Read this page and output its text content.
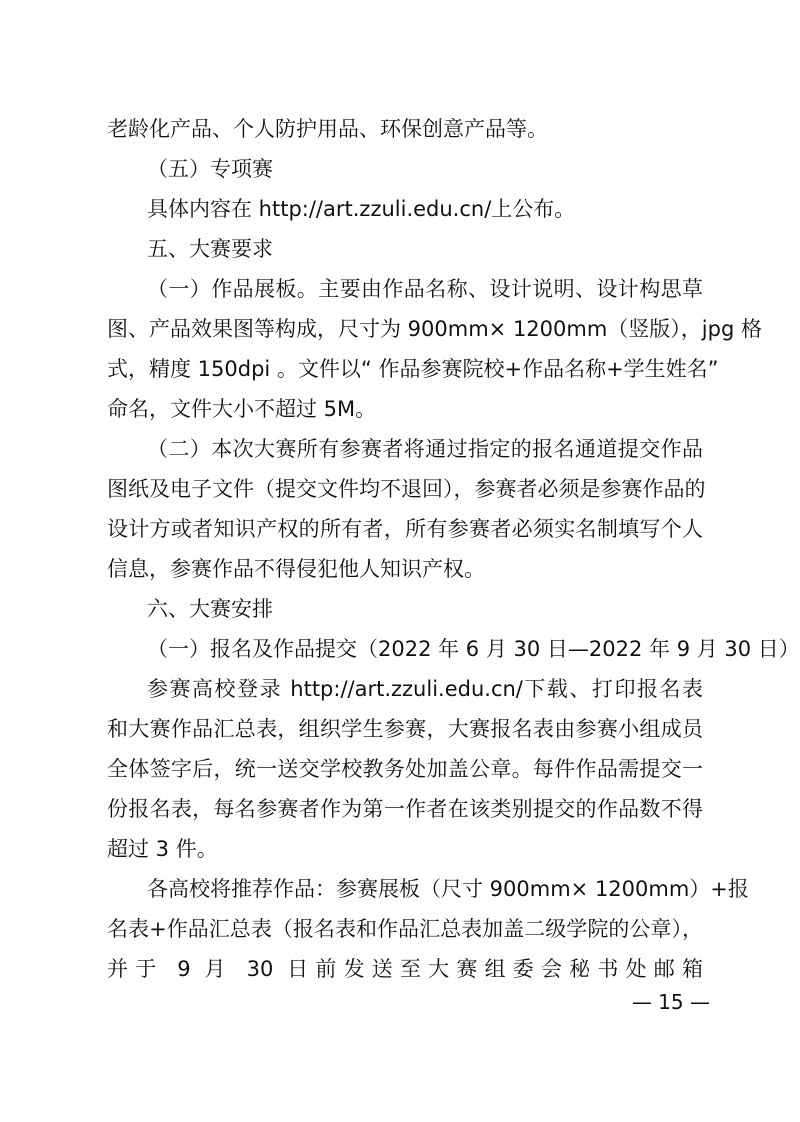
老龄化产品、个人防护用品、环保创意产品等。
（五）专项赛
具体内容在 http://art.zzuli.edu.cn/上公布。
五、大赛要求
（一）作品展板。主要由作品名称、设计说明、设计构思草
图、产品效果图等构成，尺寸为 900mm× 1200mm（竖版），jpg 格
式，精度 150dpi 。文件以“ 作品参赛院校+作品名称+学生姓名”
命名，文件大小不超过 5M。
（二）本次大赛所有参赛者将通过指定的报名通道提交作品
图纸及电子文件（提交文件均不退回），参赛者必须是参赛作品的
设计方或者知识产权的所有者，所有参赛者必须实名制填写个人
信息，参赛作品不得侵犯他人知识产权。
六、大赛安排
（一）报名及作品提交（2022 年 6 月 30 日—2022 年 9 月 30 日）
参赛高校登录 http://art.zzuli.edu.cn/下载、打印报名表
和大赛作品汇总表，组织学生参赛，大赛报名表由参赛小组成员
全体签字后，统一送交学校教务处加盖公章。每件作品需提交一
份报名表，每名参赛者作为第一作者在该类别提交的作品数不得
超过 3 件。
各高校将推荐作品：参赛展板（尺寸 900mm× 1200mm）+报
名表+作品汇总表（报名表和作品汇总表加盖二级学院的公章），
并于 9 月 30 日前发送至大赛组委会秘书处邮箱
— 15 —
